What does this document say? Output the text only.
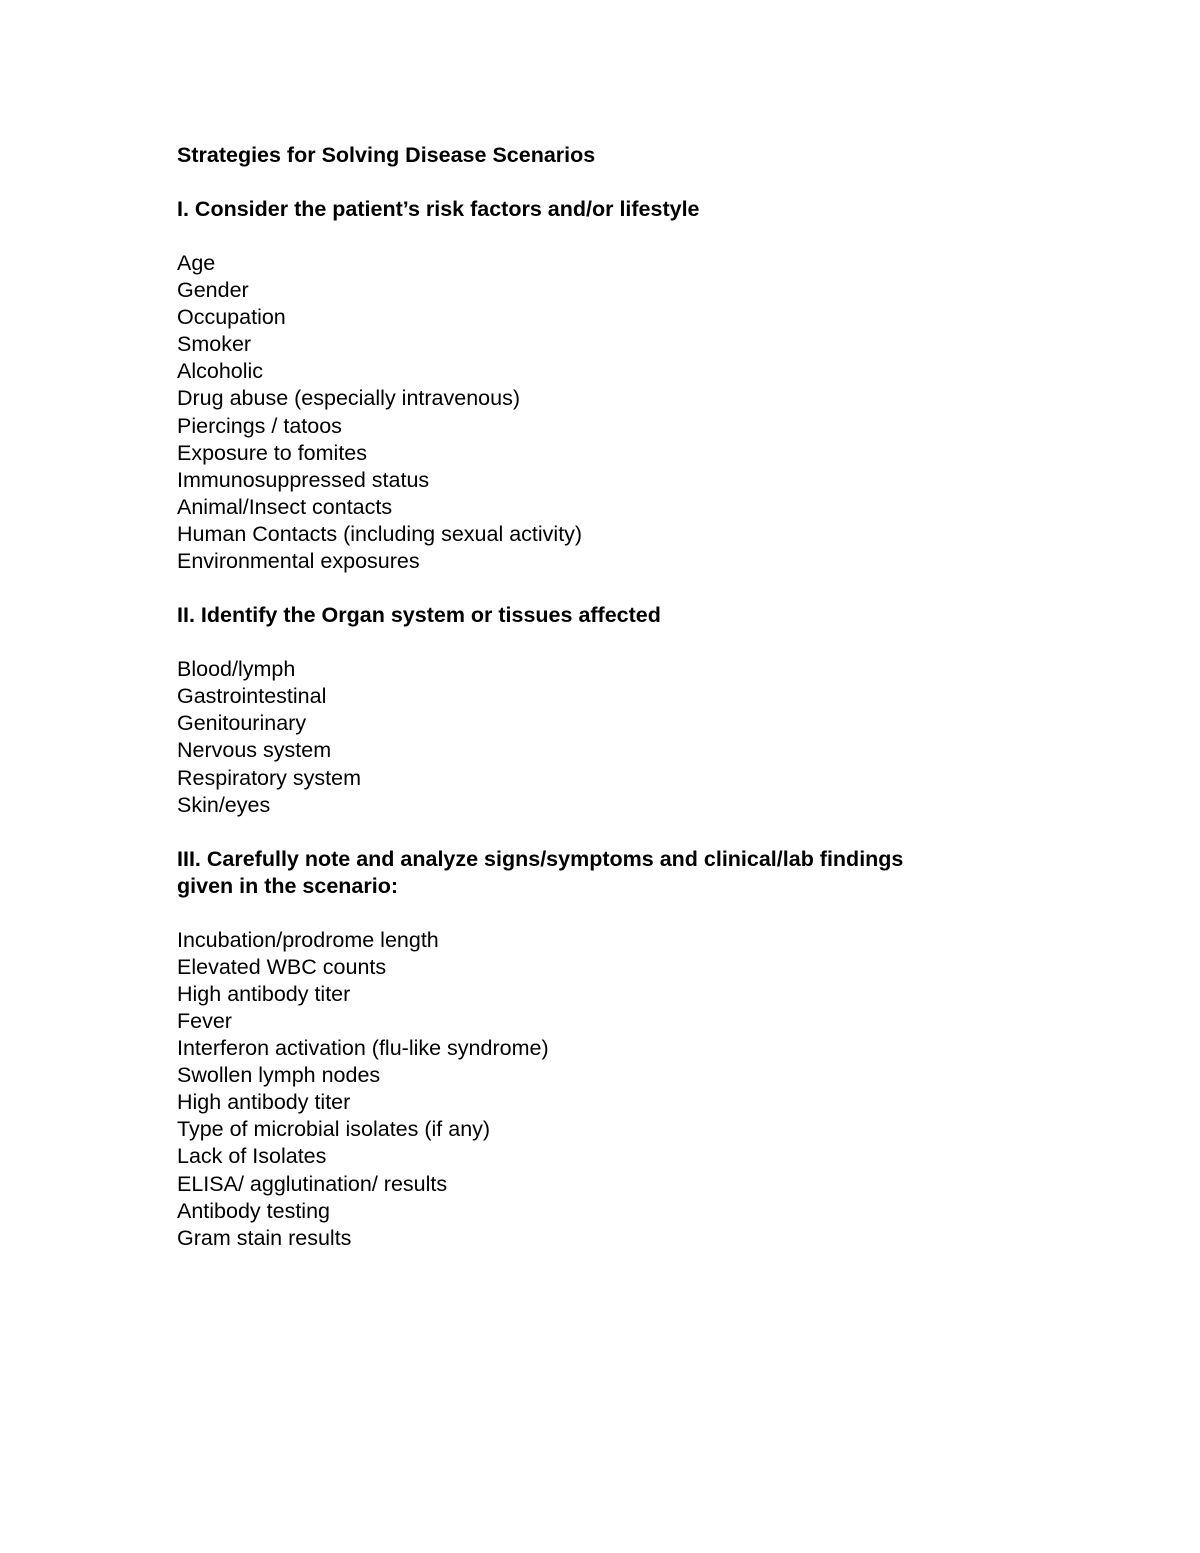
Strategies for Solving Disease Scenarios
I. Consider the patient’s risk factors and/or lifestyle
Age
Gender
Occupation
Smoker
Alcoholic
Drug abuse (especially intravenous)
Piercings / tatoos
Exposure to fomites
Immunosuppressed status
Animal/Insect contacts
Human Contacts (including sexual activity)
Environmental exposures
II. Identify the Organ system or tissues affected
Blood/lymph
Gastrointestinal
Genitourinary
Nervous system
Respiratory system
Skin/eyes
III. Carefully note and analyze signs/symptoms and clinical/lab findings
given in the scenario:
Incubation/prodrome length
Elevated WBC counts
High antibody titer
Fever
Interferon activation (flu-like syndrome)
Swollen lymph nodes
High antibody titer
Type of microbial isolates (if any)
Lack of Isolates
ELISA/ agglutination/ results
Antibody testing
Gram stain results
